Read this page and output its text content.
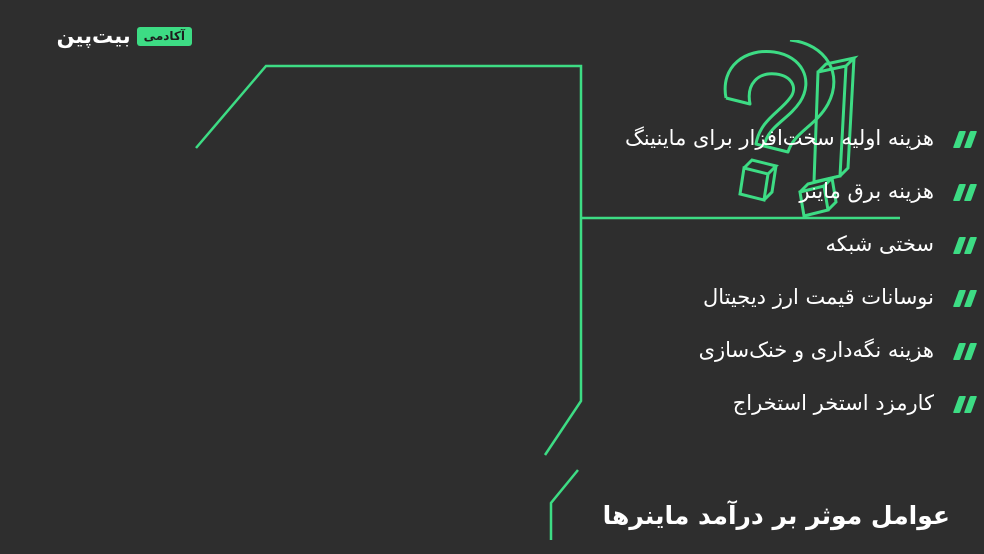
آکادمی
بیت‌پین
هزینه اولیه سخت‌افزار برای ماینینگ
هزینه برق ماینر
سختی شبکه
نوسانات قیمت ارز دیجیتال
هزینه نگه‌داری و خنک‌سازی
کارمزد استخر استخراج
عوامل موثر بر درآمد ماینرها
